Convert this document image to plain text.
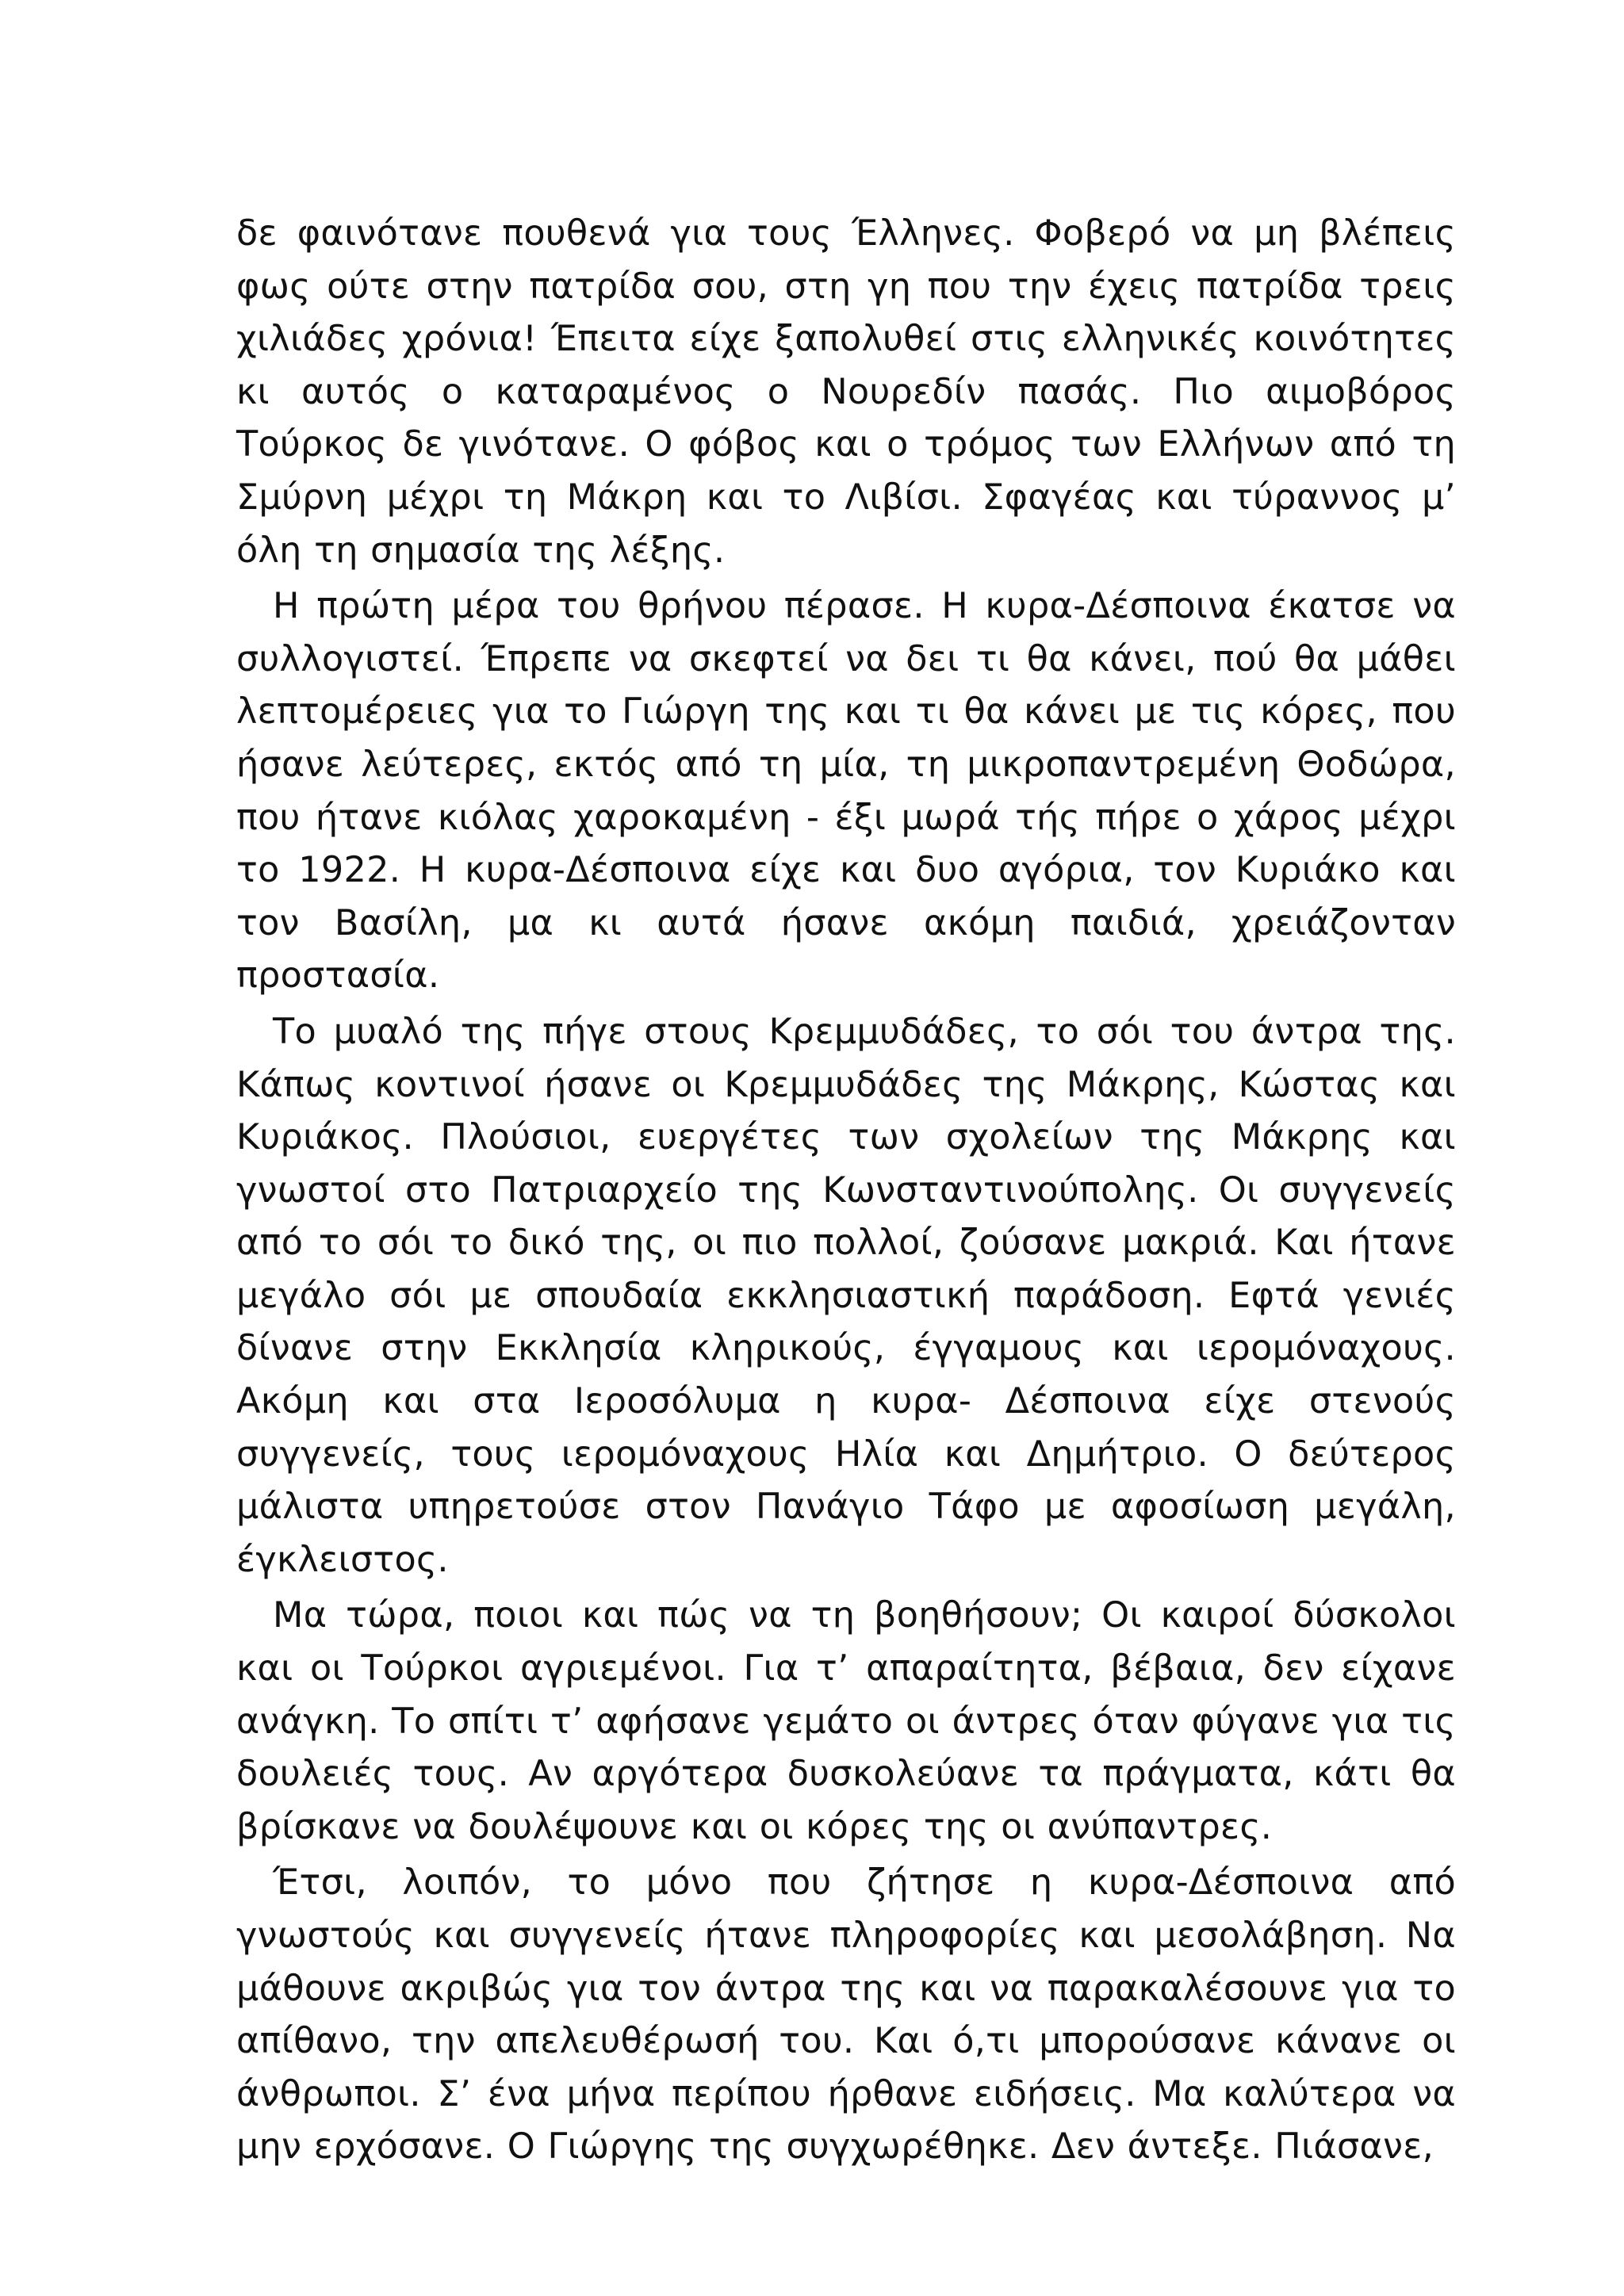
δε φαινότανε πουθενά για τους Έλληνες. Φοβερό να μη βλέπεις φως ούτε στην πατρίδα σου, στη γη που την έχεις πατρίδα τρεις χιλιάδες χρόνια! Έπειτα είχε ξαπολυθεί στις ελληνικές κοινότητες κι αυτός ο καταραμένος ο Νουρεδίν πασάς. Πιο αιμοβόρος Τούρκος δε γινότανε. Ο φόβος και ο τρόμος των Ελλήνων από τη Σμύρνη μέχρι τη Μάκρη και το Λιβίσι. Σφαγέας και τύραννος μ’ όλη τη σημασία της λέξης.

Η πρώτη μέρα του θρήνου πέρασε. Η κυρα-Δέσποινα έκατσε να συλλογιστεί. Έπρεπε να σκεφτεί να δει τι θα κάνει, πού θα μάθει λεπτομέρειες για το Γιώργη της και τι θα κάνει με τις κόρες, που ήσανε λεύτερες, εκτός από τη μία, τη μικροπαντρεμένη Θοδώρα, που ήτανε κιόλας χαροκαμένη - έξι μωρά τής πήρε ο χάρος μέχρι το 1922. Η κυρα-Δέσποινα είχε και δυο αγόρια, τον Κυριάκο και τον Βασίλη, μα κι αυτά ήσανε ακόμη παιδιά, χρειάζονταν προστασία.

Το μυαλό της πήγε στους Κρεμμυδάδες, το σόι του άντρα της. Κάπως κοντινοί ήσανε οι Κρεμμυδάδες της Μάκρης, Κώστας και Κυριάκος. Πλούσιοι, ευεργέτες των σχολείων της Μάκρης και γνωστοί στο Πατριαρχείο της Κωνσταντινούπολης. Οι συγγενείς από το σόι το δικό της, οι πιο πολλοί, ζούσανε μακριά. Και ήτανε μεγάλο σόι με σπουδαία εκκλησιαστική παράδοση. Εφτά γενιές δίνανε στην Εκκλησία κληρικούς, έγγαμους και ιερομόναχους. Ακόμη και στα Ιεροσόλυμα η κυρα- Δέσποινα είχε στενούς συγγενείς, τους ιερομόναχους Ηλία και Δημήτριο. Ο δεύτερος μάλιστα υπηρετούσε στον Πανάγιο Τάφο με αφοσίωση μεγάλη, έγκλειστος.

Μα τώρα, ποιοι και πώς να τη βοηθήσουν; Οι καιροί δύσκολοι και οι Τούρκοι αγριεμένοι. Για τ’ απαραίτητα, βέβαια, δεν είχανε ανάγκη. Το σπίτι τ’ αφήσανε γεμάτο οι άντρες όταν φύγανε για τις δουλειές τους. Αν αργότερα δυσκολεύανε τα πράγματα, κάτι θα βρίσκανε να δουλέψουνε και οι κόρες της οι ανύπαντρες.

Έτσι, λοιπόν, το μόνο που ζήτησε η κυρα-Δέσποινα από γνωστούς και συγγενείς ήτανε πληροφορίες και μεσολάβηση. Να μάθουνε ακριβώς για τον άντρα της και να παρακαλέσουνε για το απίθανο, την απελευθέρωσή του. Και ό,τι μπορούσανε κάνανε οι άνθρωποι. Σ’ ένα μήνα περίπου ήρθανε ειδήσεις. Μα καλύτερα να μην ερχόσανε. Ο Γιώργης της συγχωρέθηκε. Δεν άντεξε. Πιάσανε,
